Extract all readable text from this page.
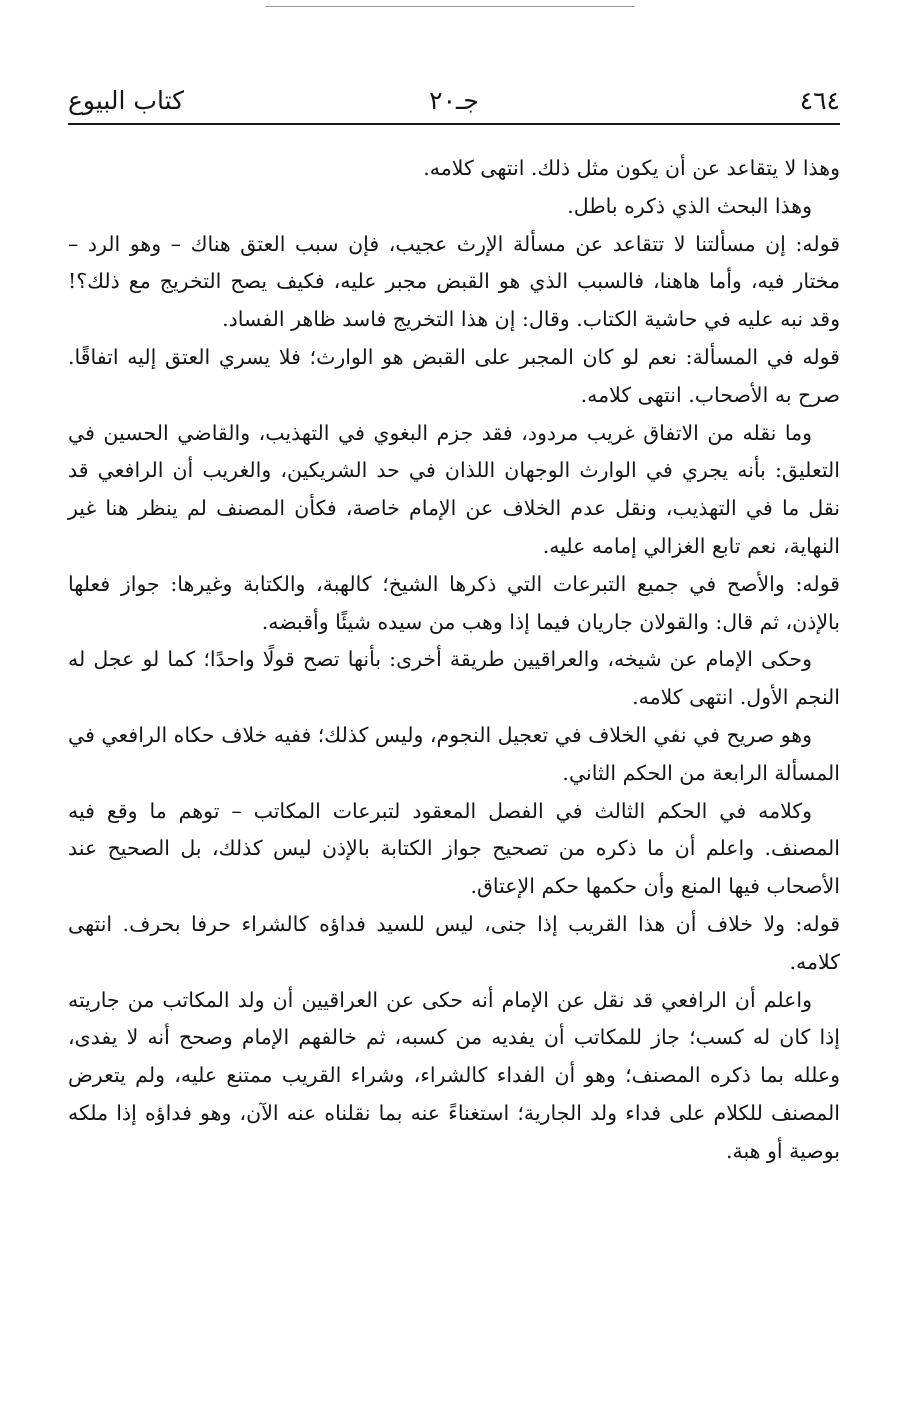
٤٦٤
جـ٢٠
كتاب البيوع

وهذا لا يتقاعد عن أن يكون مثل ذلك. انتهى كلامه.

وهذا البحث الذي ذكره باطل.

قوله: إن مسألتنا لا تتقاعد عن مسألة الإرث عجيب، فإن سبب العتق هناك – وهو الرد – مختار فيه، وأما هاهنا، فالسبب الذي هو القبض مجبر عليه، فكيف يصح التخريج مع ذلك؟! وقد نبه عليه في حاشية الكتاب. وقال: إن هذا التخريج فاسد ظاهر الفساد.

قوله في المسألة: نعم لو كان المجبر على القبض هو الوارث؛ فلا يسري العتق إليه اتفاقًا. صرح به الأصحاب. انتهى كلامه.

وما نقله من الاتفاق غريب مردود، فقد جزم البغوي في التهذيب، والقاضي الحسين في التعليق: بأنه يجري في الوارث الوجهان اللذان في حد الشريكين، والغريب أن الرافعي قد نقل ما في التهذيب، ونقل عدم الخلاف عن الإمام خاصة، فكأن المصنف لم ينظر هنا غير النهاية، نعم تابع الغزالي إمامه عليه.

قوله: والأصح في جميع التبرعات التي ذكرها الشيخ؛ كالهبة، والكتابة وغيرها: جواز فعلها بالإذن، ثم قال: والقولان جاريان فيما إذا وهب من سيده شيئًا وأقبضه.

وحكى الإمام عن شيخه، والعراقيين طريقة أخرى: بأنها تصح قولًا واحدًا؛ كما لو عجل له النجم الأول. انتهى كلامه.

وهو صريح في نفي الخلاف في تعجيل النجوم، وليس كذلك؛ ففيه خلاف حكاه الرافعي في المسألة الرابعة من الحكم الثاني.

وكلامه في الحكم الثالث في الفصل المعقود لتبرعات المكاتب – توهم ما وقع فيه المصنف. واعلم أن ما ذكره من تصحيح جواز الكتابة بالإذن ليس كذلك، بل الصحيح عند الأصحاب فيها المنع وأن حكمها حكم الإعتاق.

قوله: ولا خلاف أن هذا القريب إذا جنى، ليس للسيد فداؤه كالشراء حرفا بحرف. انتهى كلامه.

واعلم أن الرافعي قد نقل عن الإمام أنه حكى عن العراقيين أن ولد المكاتب من جاريته إذا كان له كسب؛ جاز للمكاتب أن يفديه من كسبه، ثم خالفهم الإمام وصحح أنه لا يفدى، وعلله بما ذكره المصنف؛ وهو أن الفداء كالشراء، وشراء القريب ممتنع عليه، ولم يتعرض المصنف للكلام على فداء ولد الجارية؛ استغناءً عنه بما نقلناه عنه الآن، وهو فداؤه إذا ملكه بوصية أو هبة.
